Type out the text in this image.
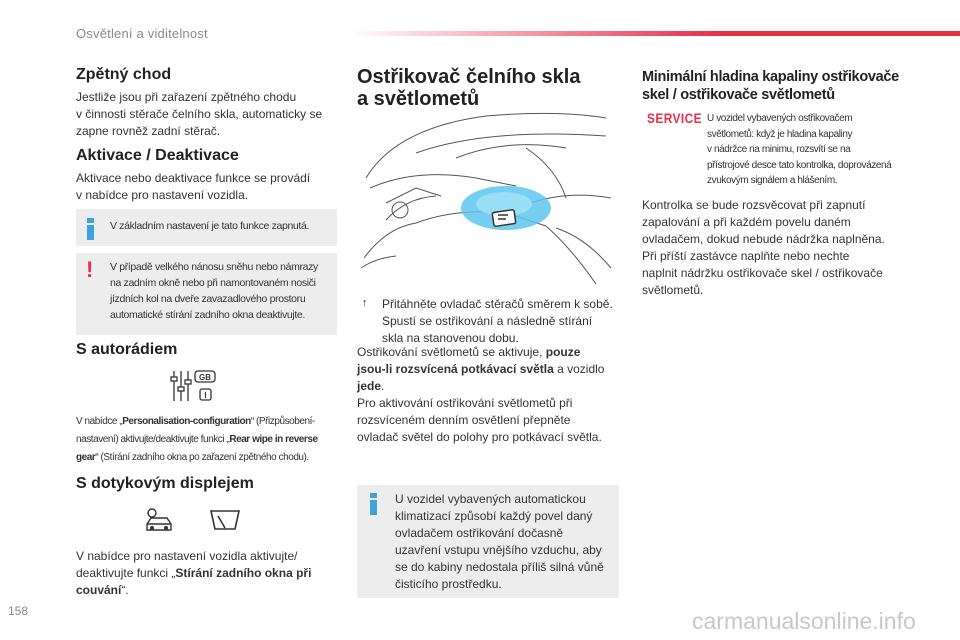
Osvětlení a viditelnost
Zpětný chod
Jestliže jsou při zařazení zpětného chodu
v činnosti stěrače čelního skla, automaticky se
zapne rovněž zadní stěrač.
Aktivace / Deaktivace
Aktivace nebo deaktivace funkce se provádí
v nabídce pro nastavení vozidla.
V základním nastavení je tato funkce zapnutá.
! V případě velkého nánosu sněhu nebo námrazy
na zadním okně nebo při namontovaném nosiči
jízdních kol na dveře zavazadlového prostoru
automatické stírání zadního okna deaktivujte.
S autorádiem
GB
I
V nabídce „Personalisation-configuration“ (Přizpůsobení-
nastavení) aktivujte/deaktivujte funkci „Rear wipe in reverse
gear“ (Stírání zadního okna po zařazení zpětného chodu).
S dotykovým displejem
V nabídce pro nastavení vozidla aktivujte/
deaktivujte funkci „Stírání zadního okna při
couvání“.
Ostřikovač čelního skla
a světlometů
↑ Přitáhněte ovladač stěračů směrem k sobě.
Spustí se ostřikování a následně stírání
skla na stanovenou dobu.
Ostřikování světlometů se aktivuje, pouze
jsou-li rozsvícená potkávací světla a vozidlo
jede.
Pro aktivování ostřikování světlometů při
rozsvíceném denním osvětlení přepněte
ovladač světel do polohy pro potkávací světla.
U vozidel vybavených automatickou
klimatizací způsobí každý povel daný
ovladačem ostřikování dočasně
uzavření vstupu vnějšího vzduchu, aby
se do kabiny nedostala příliš silná vůně
čisticího prostředku.
Minimální hladina kapaliny ostřikovače
skel / ostřikovače světlometů
SERVICE U vozidel vybavených ostřikovačem
světlometů: když je hladina kapaliny
v nádržce na minimu, rozsvítí se na
přístrojové desce tato kontrolka, doprovázená
zvukovým signálem a hlášením.
Kontrolka se bude rozsvěcovat při zapnutí
zapalování a při každém povelu daném
ovladačem, dokud nebude nádržka naplněna.
Při příští zastávce naplňte nebo nechte
naplnit nádržku ostřikovače skel / ostřikovače
světlometů.
158	carmanualsonline.info
